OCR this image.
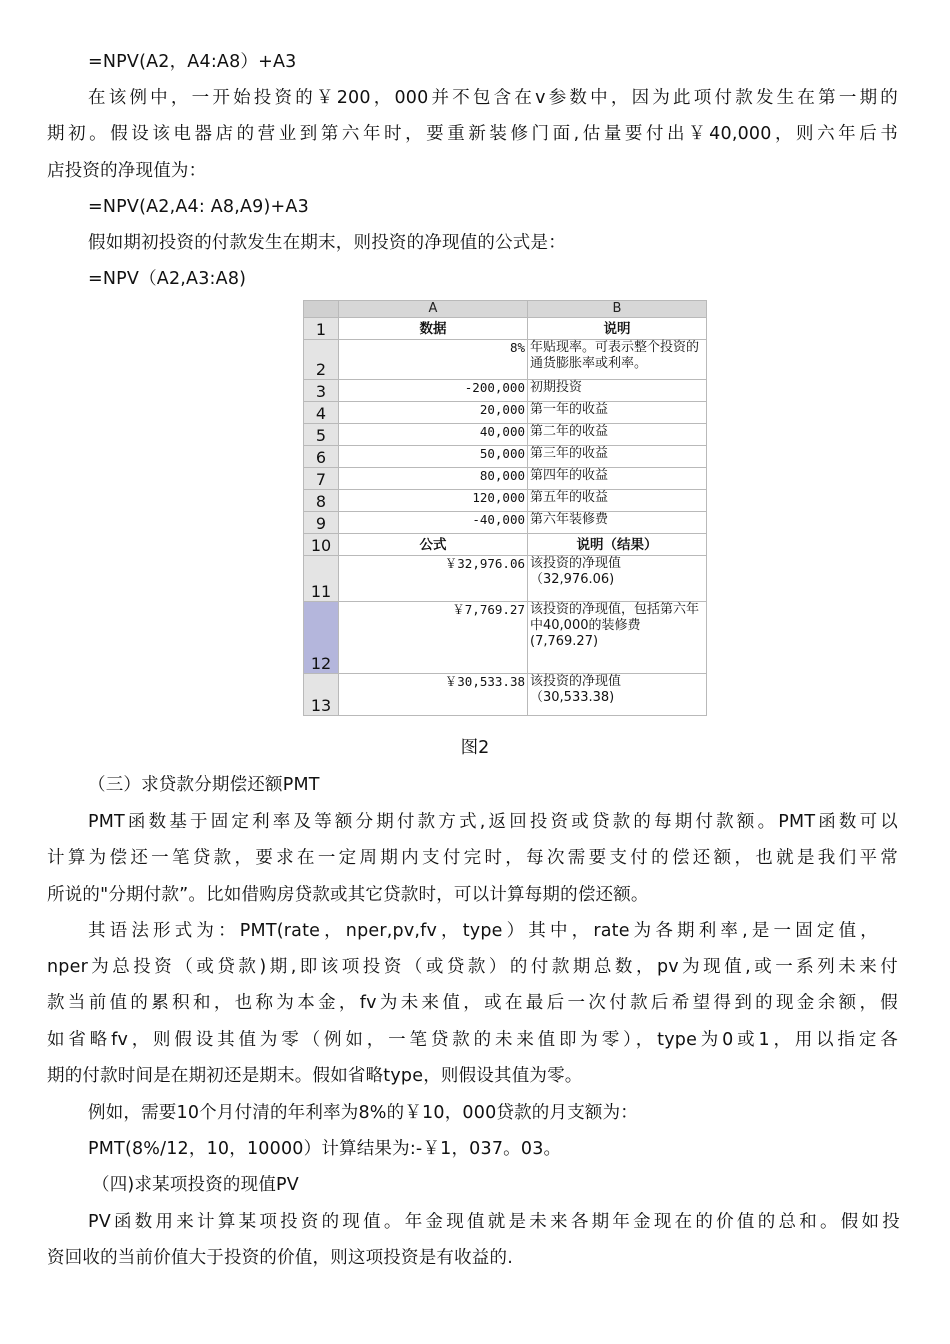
=NPV(A2，A4:A8）+A3
在该例中，一开始投资的￥200，000并不包含在v参数中，因为此项付款发生在第一期的
期初。假设该电器店的营业到第六年时，要重新装修门面,估量要付出￥40,000，则六年后书
店投资的净现值为：
=NPV(A2,A4: A8,A9)+A3
假如期初投资的付款发生在期末，则投资的净现值的公式是：
=NPV（A2,A3:A8)
	A	B
1	数据	说明
2	8%	年贴现率。可表示整个投资的通货膨胀率或利率。
3	-200,000	初期投资
4	20,000	第一年的收益
5	40,000	第二年的收益
6	50,000	第三年的收益
7	80,000	第四年的收益
8	120,000	第五年的收益
9	-40,000	第六年装修费
10	公式	说明（结果）
11	￥32,976.06	该投资的净现值（32,976.06)
12	￥7,769.27	该投资的净现值，包括第六年中40,000的装修费(7,769.27)
13	￥30,533.38	该投资的净现值（30,533.38)
图2
（三）求贷款分期偿还额PMT
PMT函数基于固定利率及等额分期付款方式,返回投资或贷款的每期付款额。PMT函数可以
计算为偿还一笔贷款，要求在一定周期内支付完时，每次需要支付的偿还额，也就是我们平常
所说的"分期付款”。比如借购房贷款或其它贷款时，可以计算每期的偿还额。
其语法形式为：PMT(rate，nper,pv,fv，type）其中，rate为各期利率,是一固定值，
nper为总投资（或贷款)期,即该项投资（或贷款）的付款期总数，pv为现值,或一系列未来付
款当前值的累积和，也称为本金，fv为未来值，或在最后一次付款后希望得到的现金余额，假
如省略fv，则假设其值为零（例如，一笔贷款的未来值即为零），type为0或1，用以指定各
期的付款时间是在期初还是期末。假如省略type，则假设其值为零。
例如，需要10个月付清的年利率为8%的￥10，000贷款的月支额为：
PMT(8%/12，10，10000）计算结果为:-￥1，037。03。
（四)求某项投资的现值PV
PV函数用来计算某项投资的现值。年金现值就是未来各期年金现在的价值的总和。假如投
资回收的当前价值大于投资的价值，则这项投资是有收益的.
